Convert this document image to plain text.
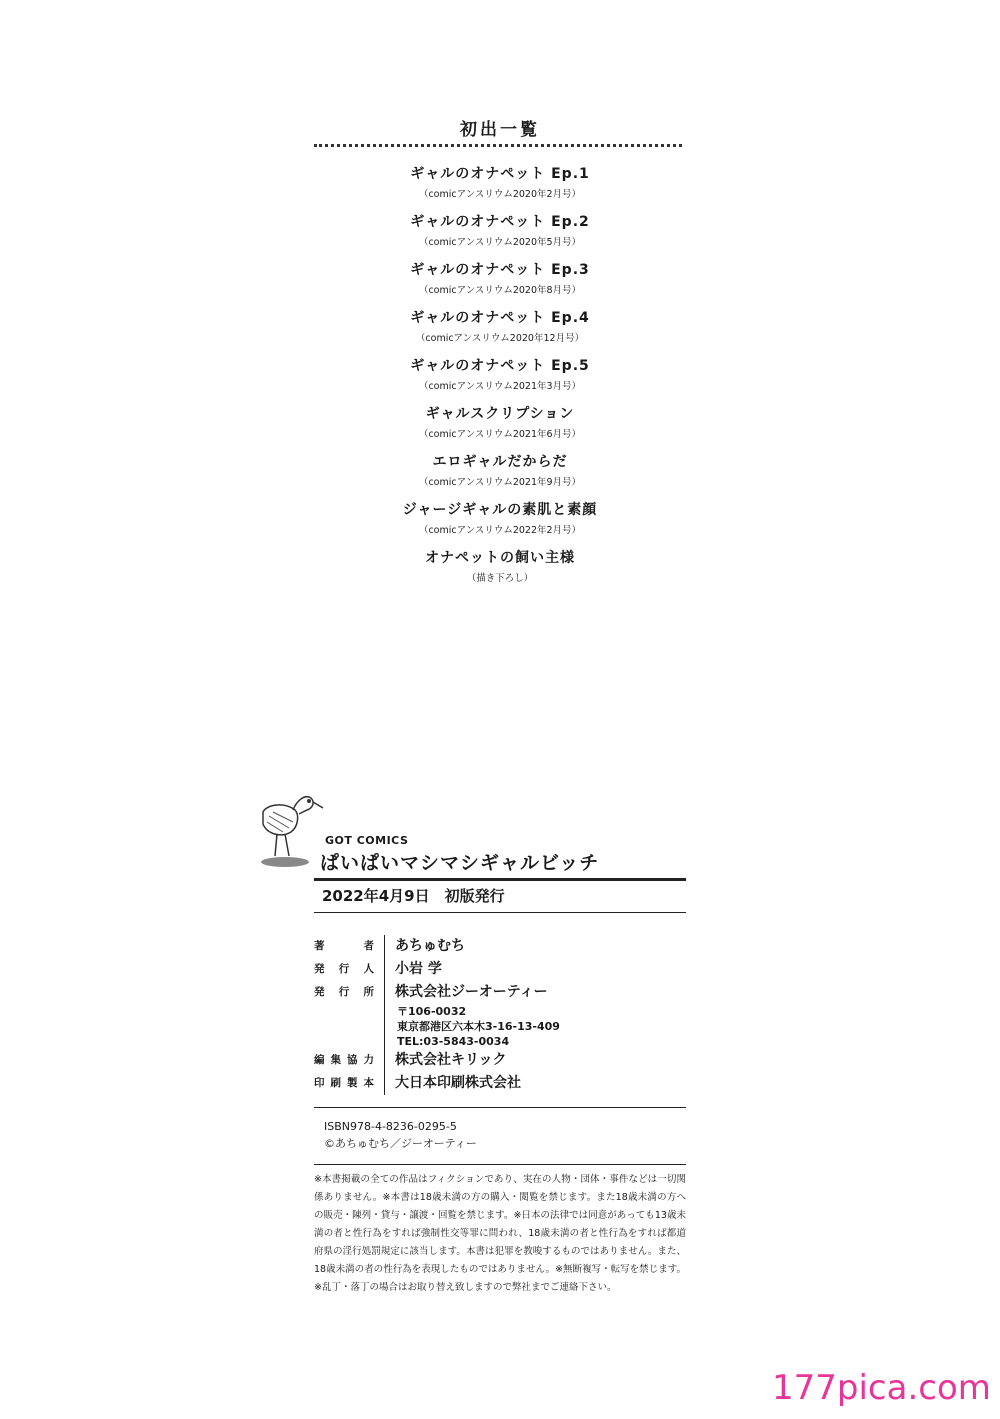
初出一覧
ギャルのオナペット Ep.1
（comicアンスリウム2020年2月号）
ギャルのオナペット Ep.2
（comicアンスリウム2020年5月号）
ギャルのオナペット Ep.3
（comicアンスリウム2020年8月号）
ギャルのオナペット Ep.4
（comicアンスリウム2020年12月号）
ギャルのオナペット Ep.5
（comicアンスリウム2021年3月号）
ギャルスクリプション
（comicアンスリウム2021年6月号）
エロギャルだからだ
（comicアンスリウム2021年9月号）
ジャージギャルの素肌と素顔
（comicアンスリウム2022年2月号）
オナペットの飼い主様
（描き下ろし）
GOT COMICS
ぱいぱいマシマシギャルビッチ
2022年4月9日　初版発行
著者	あちゅむち
発行人	小岩 学
発行所	株式会社ジーオーティー
〒106-0032
東京都港区六本木3-16-13-409
TEL:03-5843-0034
編集協力	株式会社キリック
印刷製本	大日本印刷株式会社
ISBN978-4-8236-0295-5
©あちゅむち／ジーオーティー
※本書掲載の全ての作品はフィクションであり、実在の人物・団体・事件などは一切関係ありません。※本書は18歳未満の方の購入・閲覧を禁じます。また18歳未満の方への販売・陳列・貸与・譲渡・回覧を禁じます。※日本の法律では同意があっても13歳未満の者と性行為をすれば強制性交等罪に問われ、18歳未満の者と性行為をすれば都道府県の淫行処罰規定に該当します。本書は犯罪を教唆するものではありません。また、18歳未満の者の性行為を表現したものではありません。※無断複写・転写を禁じます。※乱丁・落丁の場合はお取り替え致しますので弊社までご連絡下さい。
177pica.com
